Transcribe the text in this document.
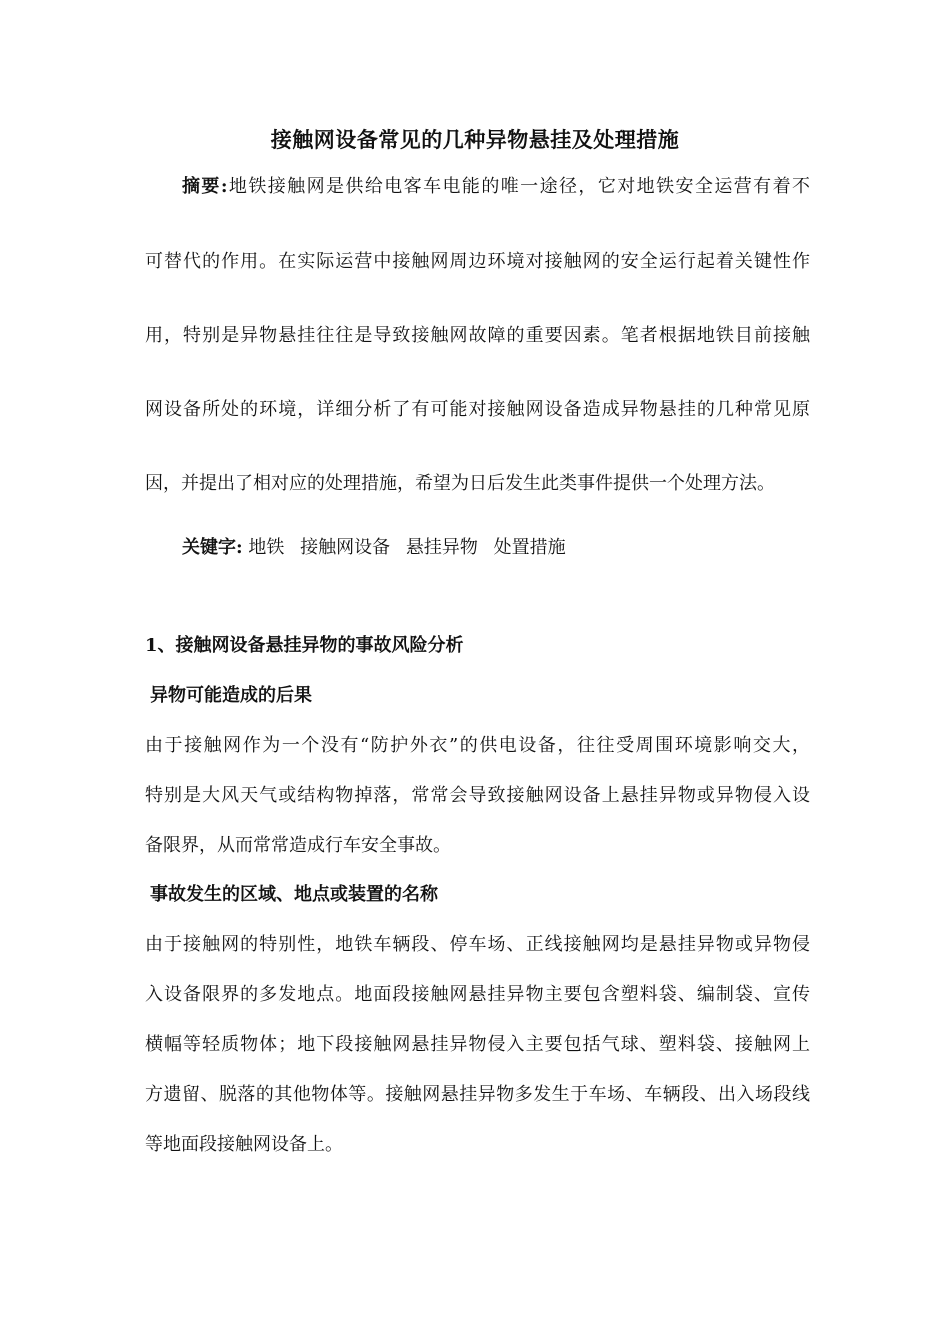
接触网设备常见的几种异物悬挂及处理措施
摘要:地铁接触网是供给电客车电能的唯一途径，它对地铁安全运营有着不
可替代的作用。在实际运营中接触网周边环境对接触网的安全运行起着关键性作
用，特别是异物悬挂往往是导致接触网故障的重要因素。笔者根据地铁目前接触
网设备所处的环境，详细分析了有可能对接触网设备造成异物悬挂的几种常见原
因，并提出了相对应的处理措施，希望为日后发生此类事件提供一个处理方法。
关键字: 地铁 接触网设备 悬挂异物 处置措施
1、接触网设备悬挂异物的事故风险分析
异物可能造成的后果
由于接触网作为一个没有“防护外衣”的供电设备，往往受周围环境影响交大，
特别是大风天气或结构物掉落，常常会导致接触网设备上悬挂异物或异物侵入设
备限界，从而常常造成行车安全事故。
事故发生的区域、地点或装置的名称
由于接触网的特别性，地铁车辆段、停车场、正线接触网均是悬挂异物或异物侵
入设备限界的多发地点。地面段接触网悬挂异物主要包含塑料袋、编制袋、宣传
横幅等轻质物体；地下段接触网悬挂异物侵入主要包括气球、塑料袋、接触网上
方遗留、脱落的其他物体等。接触网悬挂异物多发生于车场、车辆段、出入场段线
等地面段接触网设备上。
